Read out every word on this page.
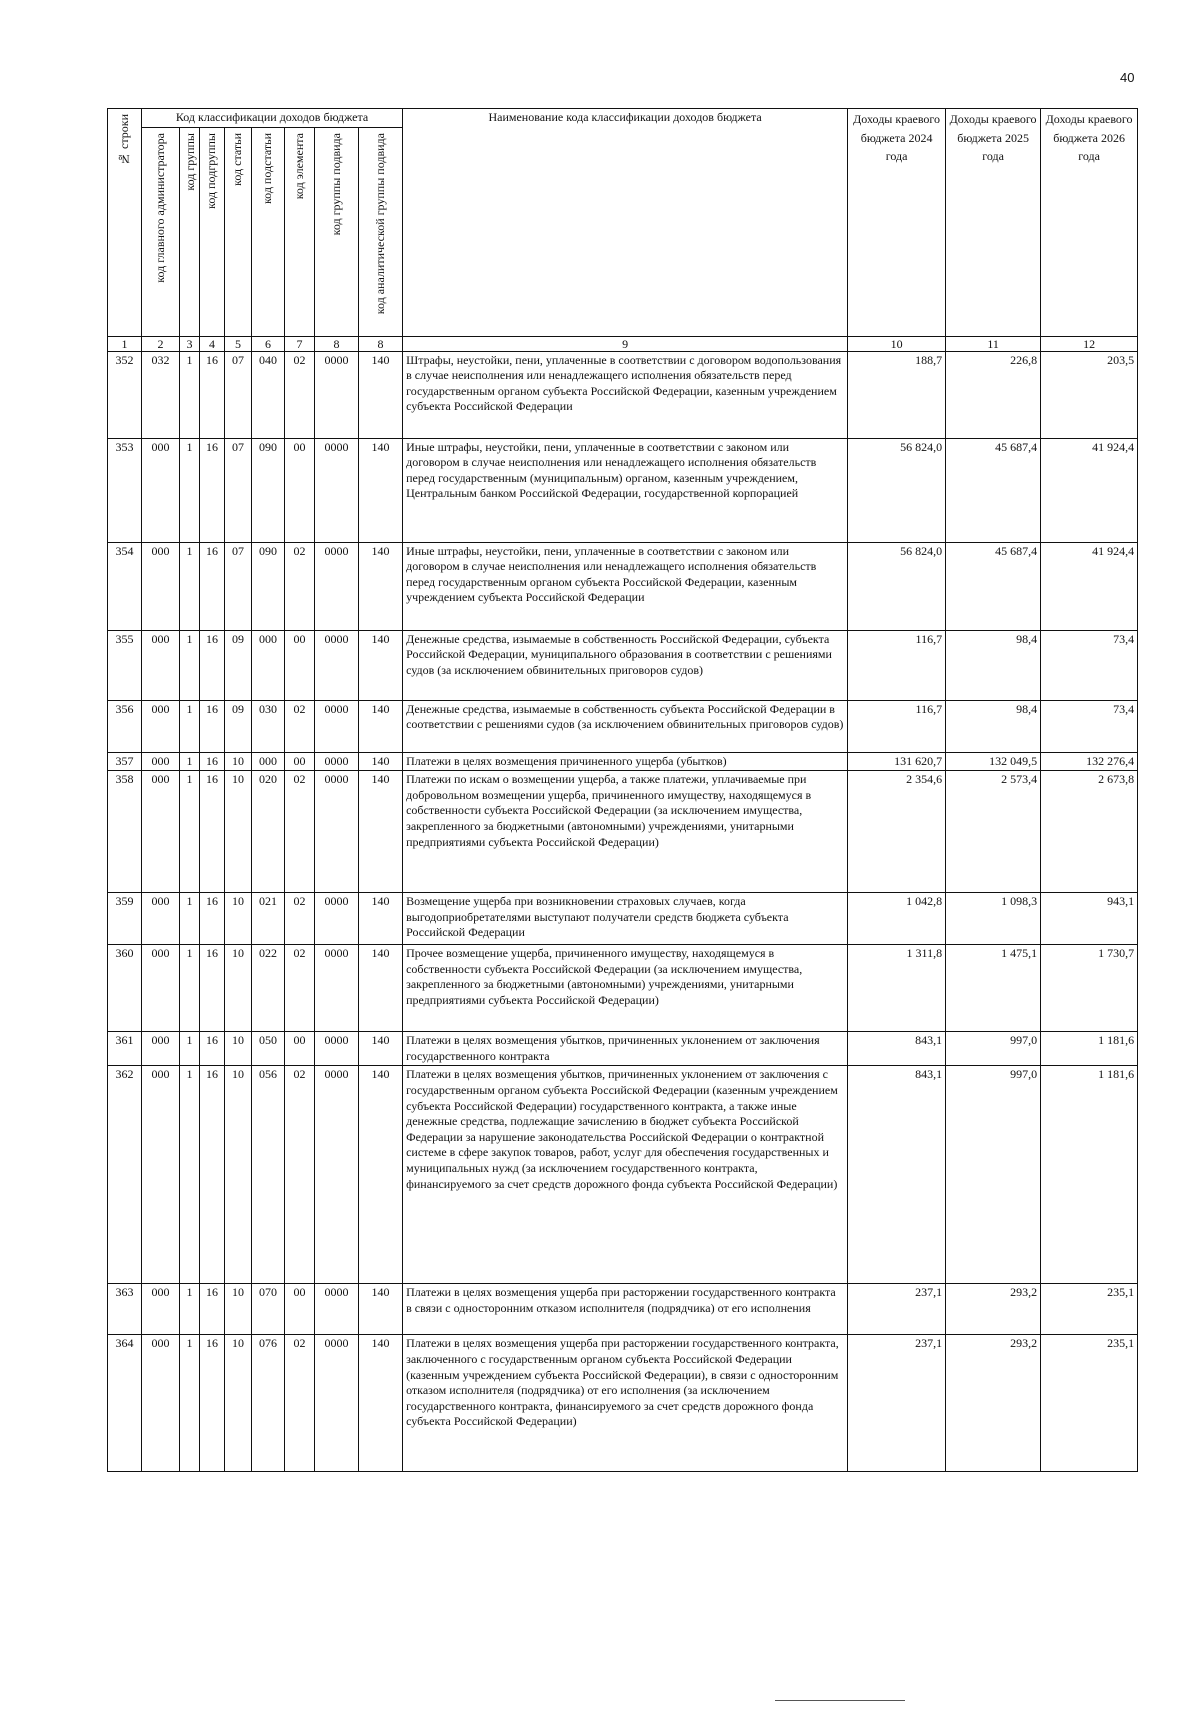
40
№ строки	Код классификации доходов бюджета								Наименование кода классификации доходов бюджета	Доходы краевого бюджета 2024 года	Доходы краевого бюджета 2025 года	Доходы краевого бюджета 2026 года

	код главного администратора	код группы	код подгруппы	код статьи	код подстатьи	код элемента	код группы подвида	код аналитической группы подвида				

1	2	3	4	5	6	7	8	8	9	10	11	12
352	032	1	16	07	040	02	0000	140	Штрафы, неустойки, пени, уплаченные в соответствии с договором водопользования в случае неисполнения или ненадлежащего исполнения обязательств перед государственным органом субъекта Российской Федерации, казенным учреждением субъекта Российской Федерации	188,7	226,8	203,5
353	000	1	16	07	090	00	0000	140	Иные штрафы, неустойки, пени, уплаченные в соответствии с законом или договором в случае неисполнения или ненадлежащего исполнения обязательств перед государственным (муниципальным) органом, казенным учреждением, Центральным банком Российской Федерации, государственной корпорацией	56 824,0	45 687,4	41 924,4
354	000	1	16	07	090	02	0000	140	Иные штрафы, неустойки, пени, уплаченные в соответствии с законом или договором в случае неисполнения или ненадлежащего исполнения обязательств перед государственным органом субъекта Российской Федерации, казенным учреждением субъекта Российской Федерации	56 824,0	45 687,4	41 924,4
355	000	1	16	09	000	00	0000	140	Денежные средства, изымаемые в собственность Российской Федерации, субъекта Российской Федерации, муниципального образования в соответствии с решениями судов (за исключением обвинительных приговоров судов)	116,7	98,4	73,4
356	000	1	16	09	030	02	0000	140	Денежные средства, изымаемые в собственность субъекта Российской Федерации в соответствии с решениями судов (за исключением обвинительных приговоров судов)	116,7	98,4	73,4
357	000	1	16	10	000	00	0000	140	Платежи в целях возмещения причиненного ущерба (убытков)	131 620,7	132 049,5	132 276,4
358	000	1	16	10	020	02	0000	140	Платежи по искам о возмещении ущерба, а также платежи, уплачиваемые при добровольном возмещении ущерба, причиненного имуществу, находящемуся в собственности субъекта Российской Федерации (за исключением имущества, закрепленного за бюджетными (автономными) учреждениями, унитарными предприятиями субъекта Российской Федерации)	2 354,6	2 573,4	2 673,8
359	000	1	16	10	021	02	0000	140	Возмещение ущерба при возникновении страховых случаев, когда выгодоприобретателями выступают получатели средств бюджета субъекта Российской Федерации	1 042,8	1 098,3	943,1
360	000	1	16	10	022	02	0000	140	Прочее возмещение ущерба, причиненного имуществу, находящемуся в собственности субъекта Российской Федерации (за исключением имущества, закрепленного за бюджетными (автономными) учреждениями, унитарными предприятиями субъекта Российской Федерации)	1 311,8	1 475,1	1 730,7
361	000	1	16	10	050	00	0000	140	Платежи в целях возмещения убытков, причиненных уклонением от заключения государственного контракта	843,1	997,0	1 181,6
362	000	1	16	10	056	02	0000	140	Платежи в целях возмещения убытков, причиненных уклонением от заключения с государственным органом субъекта Российской Федерации (казенным учреждением субъекта Российской Федерации) государственного контракта, а также иные денежные средства, подлежащие зачислению в бюджет субъекта Российской Федерации за нарушение законодательства Российской Федерации о контрактной системе в сфере закупок товаров, работ, услуг для обеспечения государственных и муниципальных нужд (за исключением государственного контракта, финансируемого за счет средств дорожного фонда субъекта Российской Федерации)	843,1	997,0	1 181,6
363	000	1	16	10	070	00	0000	140	Платежи в целях возмещения ущерба при расторжении государственного контракта в связи с односторонним отказом исполнителя (подрядчика) от его исполнения	237,1	293,2	235,1
364	000	1	16	10	076	02	0000	140	Платежи в целях возмещения ущерба при расторжении государственного контракта, заключенного с государственным органом субъекта Российской Федерации (казенным учреждением субъекта Российской Федерации), в связи с односторонним отказом исполнителя (подрядчика) от его исполнения (за исключением государственного контракта, финансируемого за счет средств дорожного фонда субъекта Российской Федерации)	237,1	293,2	235,1
